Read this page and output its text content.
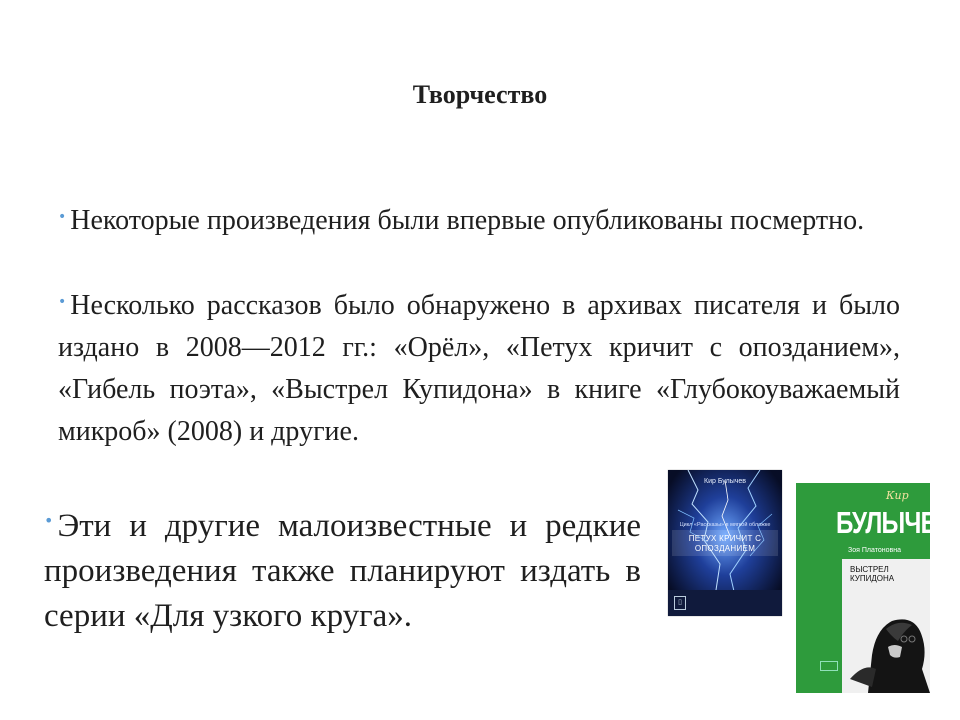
Творчество

• Некоторые произведения были впервые опубликованы посмертно.

• Несколько рассказов было обнаружено в архивах писателя и было издано в 2008—2012 гг.: «Орёл», «Петух кричит с опозданием», «Гибель поэта», «Выстрел Купидона» в книге «Глубокоуважаемый микроб» (2008) и другие.

• Эти и другие малоизвестные и редкие произведения также планируют издать в серии «Для узкого круга».

Кир Булычев
Цикл «Рассказы» в мягкой обложке
ПЕТУХ КРИЧИТ С ОПОЗДАНИЕМ
▯
Кир
БУЛЫЧЕВ
Зоя Платоновна
ВЫСТРЕЛ КУПИДОНА
